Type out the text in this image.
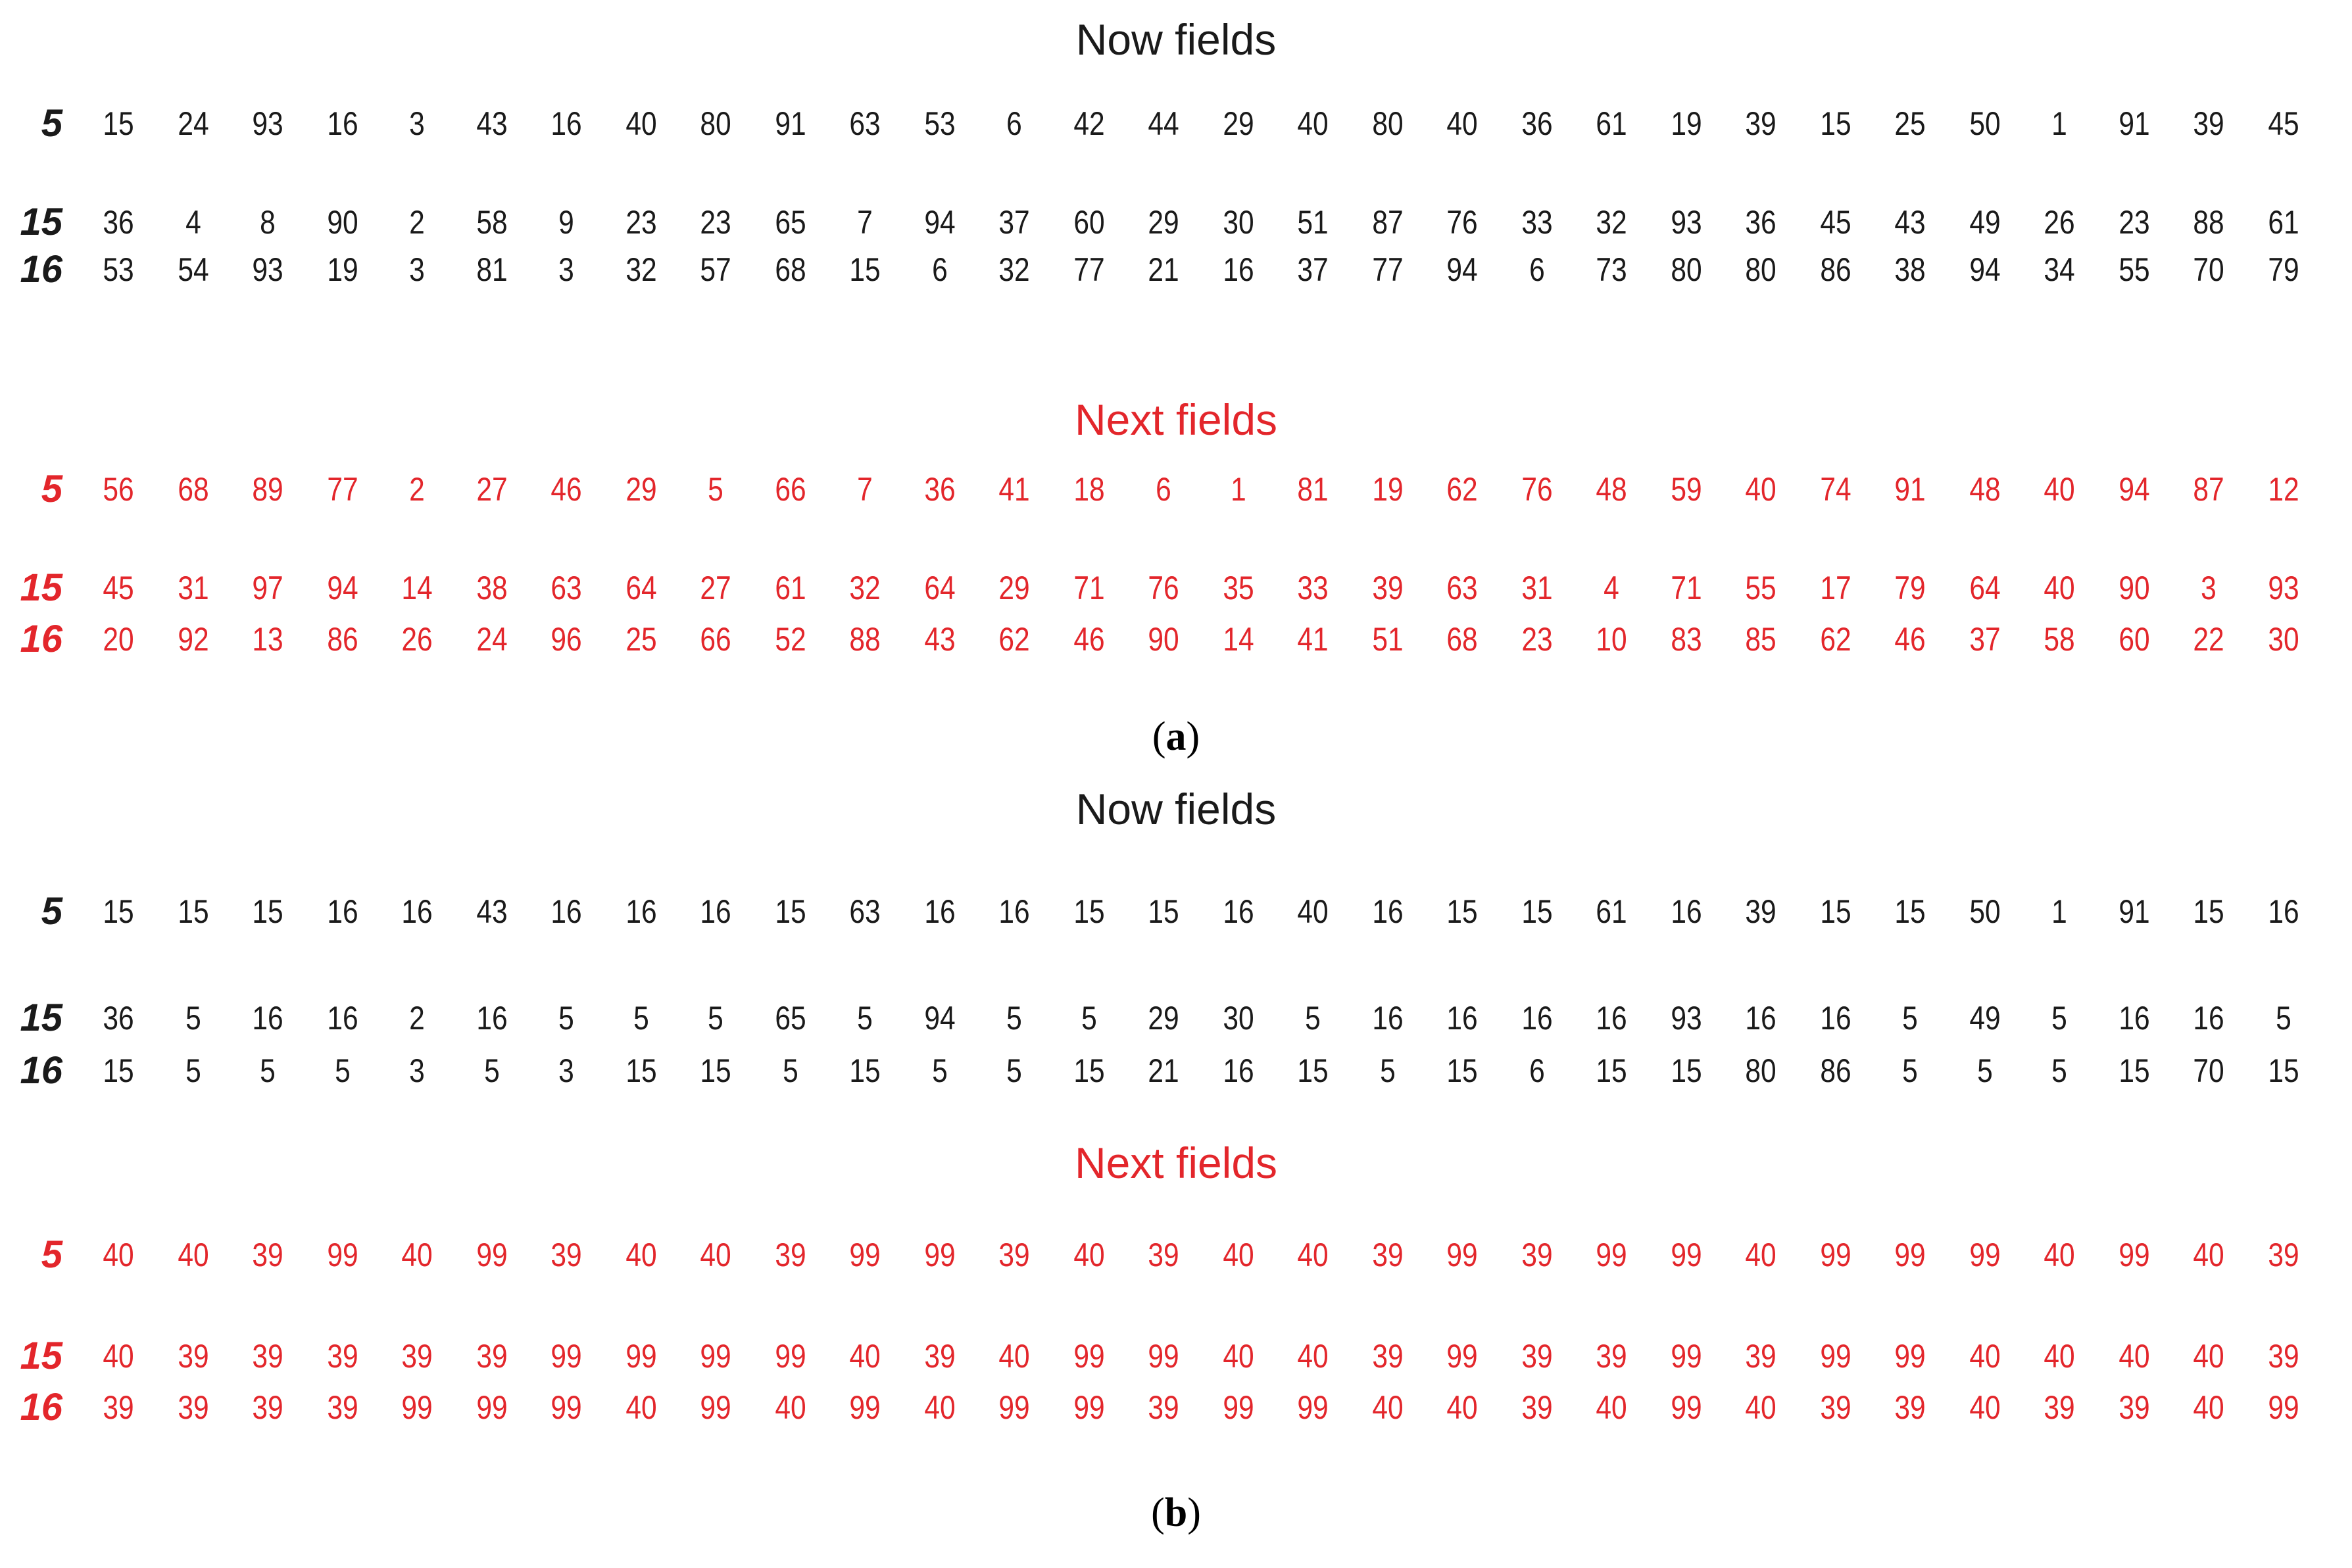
Now fields
5	15	24	93	16	3	43	16	40	80	91	63	53	6	42	44	29	40	80	40	36	61	19	39	15	25	50	1	91	39	45
15	36	4	8	90	2	58	9	23	23	65	7	94	37	60	29	30	51	87	76	33	32	93	36	45	43	49	26	23	88	61
16	53	54	93	19	3	81	3	32	57	68	15	6	32	77	21	16	37	77	94	6	73	80	80	86	38	94	34	55	70	79
Next fields
5	56	68	89	77	2	27	46	29	5	66	7	36	41	18	6	1	81	19	62	76	48	59	40	74	91	48	40	94	87	12
15	45	31	97	94	14	38	63	64	27	61	32	64	29	71	76	35	33	39	63	31	4	71	55	17	79	64	40	90	3	93
16	20	92	13	86	26	24	96	25	66	52	88	43	62	46	90	14	41	51	68	23	10	83	85	62	46	37	58	60	22	30
(a)
Now fields
5	15	15	15	16	16	43	16	16	16	15	63	16	16	15	15	16	40	16	15	15	61	16	39	15	15	50	1	91	15	16
15	36	5	16	16	2	16	5	5	5	65	5	94	5	5	29	30	5	16	16	16	16	93	16	16	5	49	5	16	16	5
16	15	5	5	5	3	5	3	15	15	5	15	5	5	15	21	16	15	5	15	6	15	15	80	86	5	5	5	15	70	15
Next fields
5	40	40	39	99	40	99	39	40	40	39	99	99	39	40	39	40	40	39	99	39	99	99	40	99	99	99	40	99	40	39
15	40	39	39	39	39	39	99	99	99	99	40	39	40	99	99	40	40	39	99	39	39	99	39	99	99	40	40	40	40	39
16	39	39	39	39	99	99	99	40	99	40	99	40	99	99	39	99	99	40	40	39	40	99	40	39	39	40	39	39	40	99
(b)
